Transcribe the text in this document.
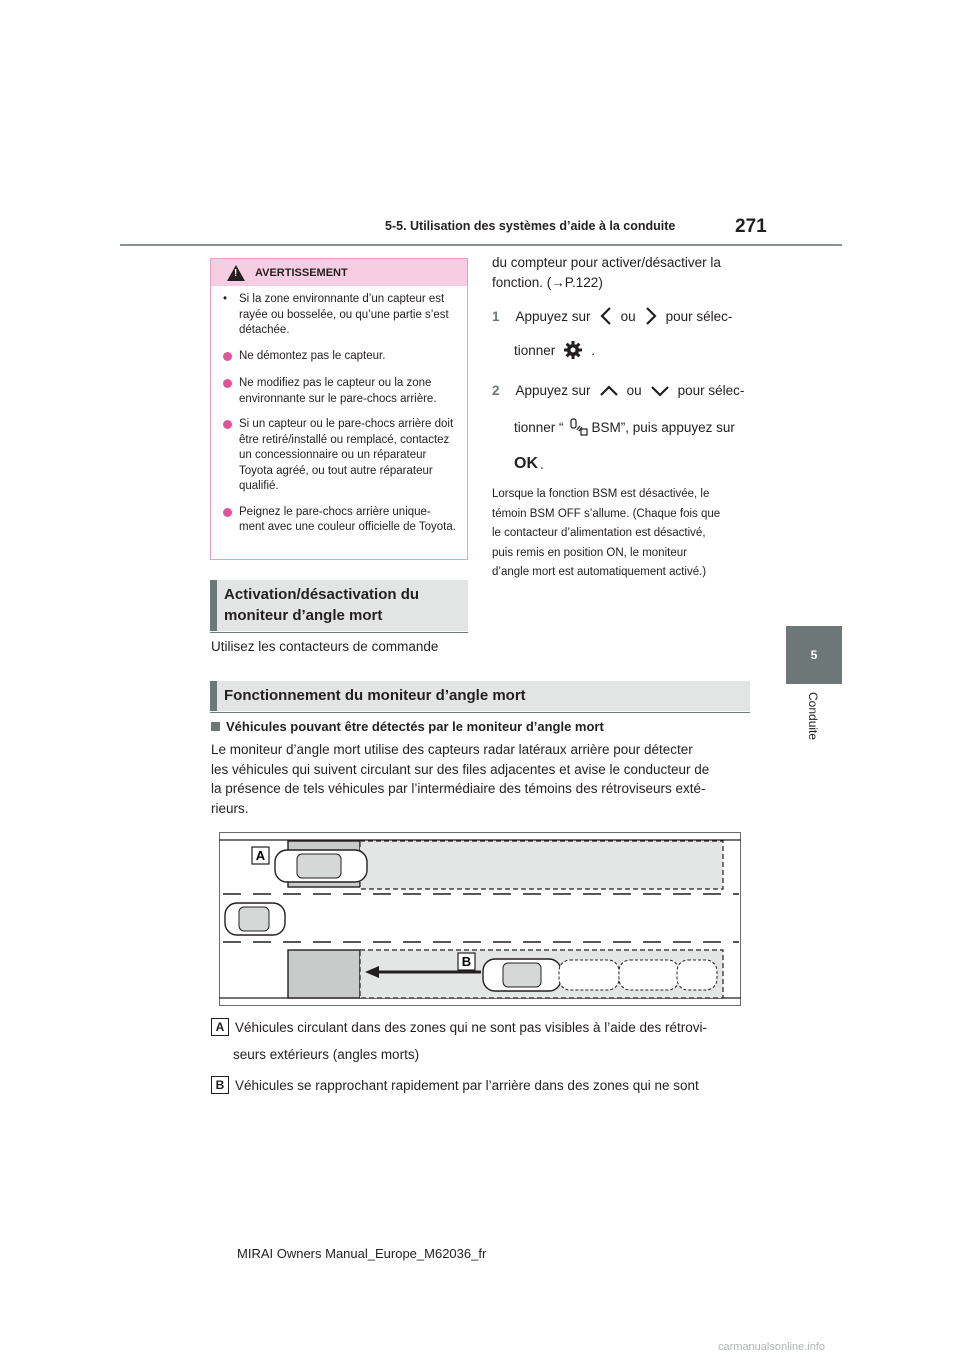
5-5. Utilisation des systèmes d’aide à la conduite	271
5
Conduite
!
AVERTISSEMENT
•	Si la zone environnante d’un capteur est rayée ou bosselée, ou qu’une partie s’est détachée.
Ne démontez pas le capteur.
Ne modifiez pas le capteur ou la zone environnante sur le pare-chocs arrière.
Si un capteur ou le pare-chocs arrière doit être retiré/installé ou remplacé, contactez un concessionnaire ou un réparateur Toyota agréé, ou tout autre réparateur qualifié.
Peignez le pare-chocs arrière unique- ment avec une couleur officielle de Toyota.
Activation/désactivation du
moniteur d’angle mort
Utilisez les contacteurs de commande
du compteur pour activer/désactiver la
fonction. (→P.122)
1 Appuyez sur ou pour sélec-
tionner	.
2 Appuyez sur	ou	pour sélec-
tionner “ BSM”, puis appuyez sur
OK .
Lorsque la fonction BSM est désactivée, le
témoin BSM OFF s’allume. (Chaque fois que
le contacteur d’alimentation est désactivé,
puis remis en position ON, le moniteur
d’angle mort est automatiquement activé.)
Fonctionnement du moniteur d’angle mort
Véhicules pouvant être détectés par le moniteur d’angle mort
Le moniteur d’angle mort utilise des capteurs radar latéraux arrière pour détecter
les véhicules qui suivent circulant sur des files adjacentes et avise le conducteur de
la présence de tels véhicules par l’intermédiaire des témoins des rétroviseurs exté-
rieurs.
A
B
A Véhicules circulant dans des zones qui ne sont pas visibles à l’aide des rétrovi-
seurs extérieurs (angles morts)
B Véhicules se rapprochant rapidement par l’arrière dans des zones qui ne sont
MIRAI Owners Manual_Europe_M62036_fr
carmanualsonline.info
